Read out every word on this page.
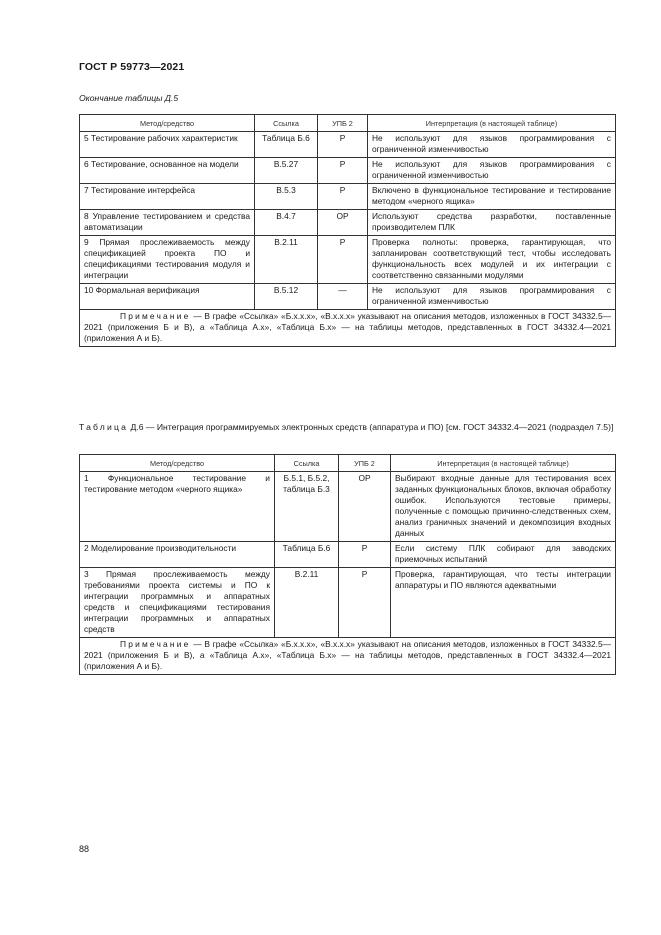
ГОСТ Р 59773—2021
Окончание таблицы Д.5
Метод/средство	Ссылка	УПБ 2	Интерпретация (в настоящей таблице)
5 Тестирование рабочих характеристик	Таблица Б.6	Р	Не используют для языков программирования с ограниченной изменчивостью
6 Тестирование, основанное на модели	В.5.27	Р	Не используют для языков программирования с ограниченной изменчивостью
7 Тестирование интерфейса	В.5.3	Р	Включено в функциональное тестирование и тестирование методом «черного ящика»
8 Управление тестированием и средства автоматизации	В.4.7	ОР	Используют средства разработки, поставленные производителем ПЛК
9 Прямая прослеживаемость между спецификацией проекта ПО и спецификациями тестирования модуля и интеграции	В.2.11	Р	Проверка полноты: проверка, гарантирующая, что запланирован соответствующий тест, чтобы исследовать функциональность всех модулей и их интеграции с соответственно связанными модулями
10 Формальная верификация	В.5.12	—	Не используют для языков программирования с ограниченной изменчивостью
Примечание — В графе «Ссылка» «Б.х.х.х», «В.х.х.х» указывают на описания методов, изложенных в ГОСТ 34332.5—2021 (приложения Б и В), а «Таблица А.х», «Таблица Б.х» — на таблицы методов, представленных в ГОСТ 34332.4—2021 (приложения А и Б).			
Таблица Д.6 — Интеграция программируемых электронных средств (аппаратура и ПО) [см. ГОСТ 34332.4—2021 (подраздел 7.5)]
Метод/средство	Ссылка	УПБ 2	Интерпретация (в настоящей таблице)
1 Функциональное тестирование и тестирование методом «черного ящика»	Б.5.1, Б.5.2, таблица Б.3	ОР	Выбирают входные данные для тестирования всех заданных функциональных блоков, включая обработку ошибок. Используются тестовые примеры, полученные с помощью причинно-следственных схем, анализ граничных значений и декомпозиция входных данных
2 Моделирование производительности	Таблица Б.6	Р	Если систему ПЛК собирают для заводских приемочных испытаний
3 Прямая прослеживаемость между требованиями проекта системы и ПО к интеграции программных и аппаратных средств и спецификациями тестирования интеграции программных и аппаратных средств	В.2.11	Р	Проверка, гарантирующая, что тесты интеграции аппаратуры и ПО являются адекватными
Примечание — В графе «Ссылка» «Б.х.х.х», «В.х.х.х» указывают на описания методов, изложенных в ГОСТ 34332.5—2021 (приложения Б и В), а «Таблица А.х», «Таблица Б.х» — на таблицы методов, представленных в ГОСТ 34332.4—2021 (приложения А и Б).			
88
